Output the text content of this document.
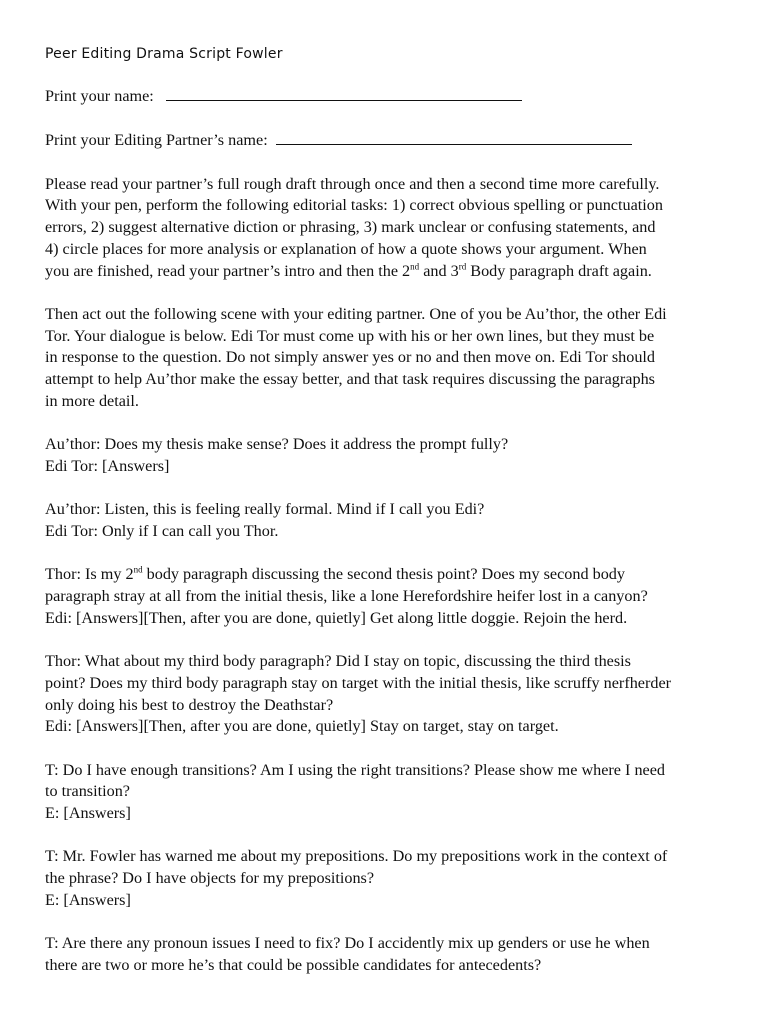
Peer Editing Drama Script Fowler
Print your name:
Print your Editing Partner’s name:
Please read your partner’s full rough draft through once and then a second time more carefully.
With your pen, perform the following editorial tasks: 1) correct obvious spelling or punctuation
errors, 2) suggest alternative diction or phrasing, 3) mark unclear or confusing statements, and
4) circle places for more analysis or explanation of how a quote shows your argument. When
you are finished, read your partner’s intro and then the 2nd and 3rd Body paragraph draft again.
Then act out the following scene with your editing partner. One of you be Au’thor, the other Edi
Tor. Your dialogue is below. Edi Tor must come up with his or her own lines, but they must be
in response to the question. Do not simply answer yes or no and then move on. Edi Tor should
attempt to help Au’thor make the essay better, and that task requires discussing the paragraphs
in more detail.
Au’thor: Does my thesis make sense? Does it address the prompt fully?
Edi Tor: [Answers]
Au’thor: Listen, this is feeling really formal. Mind if I call you Edi?
Edi Tor: Only if I can call you Thor.
Thor: Is my 2nd body paragraph discussing the second thesis point? Does my second body
paragraph stray at all from the initial thesis, like a lone Herefordshire heifer lost in a canyon?
Edi: [Answers][Then, after you are done, quietly] Get along little doggie. Rejoin the herd.
Thor: What about my third body paragraph? Did I stay on topic, discussing the third thesis
point? Does my third body paragraph stay on target with the initial thesis, like scruffy nerfherder
only doing his best to destroy the Deathstar?
Edi: [Answers][Then, after you are done, quietly] Stay on target, stay on target.
T: Do I have enough transitions? Am I using the right transitions? Please show me where I need
to transition?
E: [Answers]
T: Mr. Fowler has warned me about my prepositions. Do my prepositions work in the context of
the phrase? Do I have objects for my prepositions?
E: [Answers]
T: Are there any pronoun issues I need to fix? Do I accidently mix up genders or use he when
there are two or more he’s that could be possible candidates for antecedents?
